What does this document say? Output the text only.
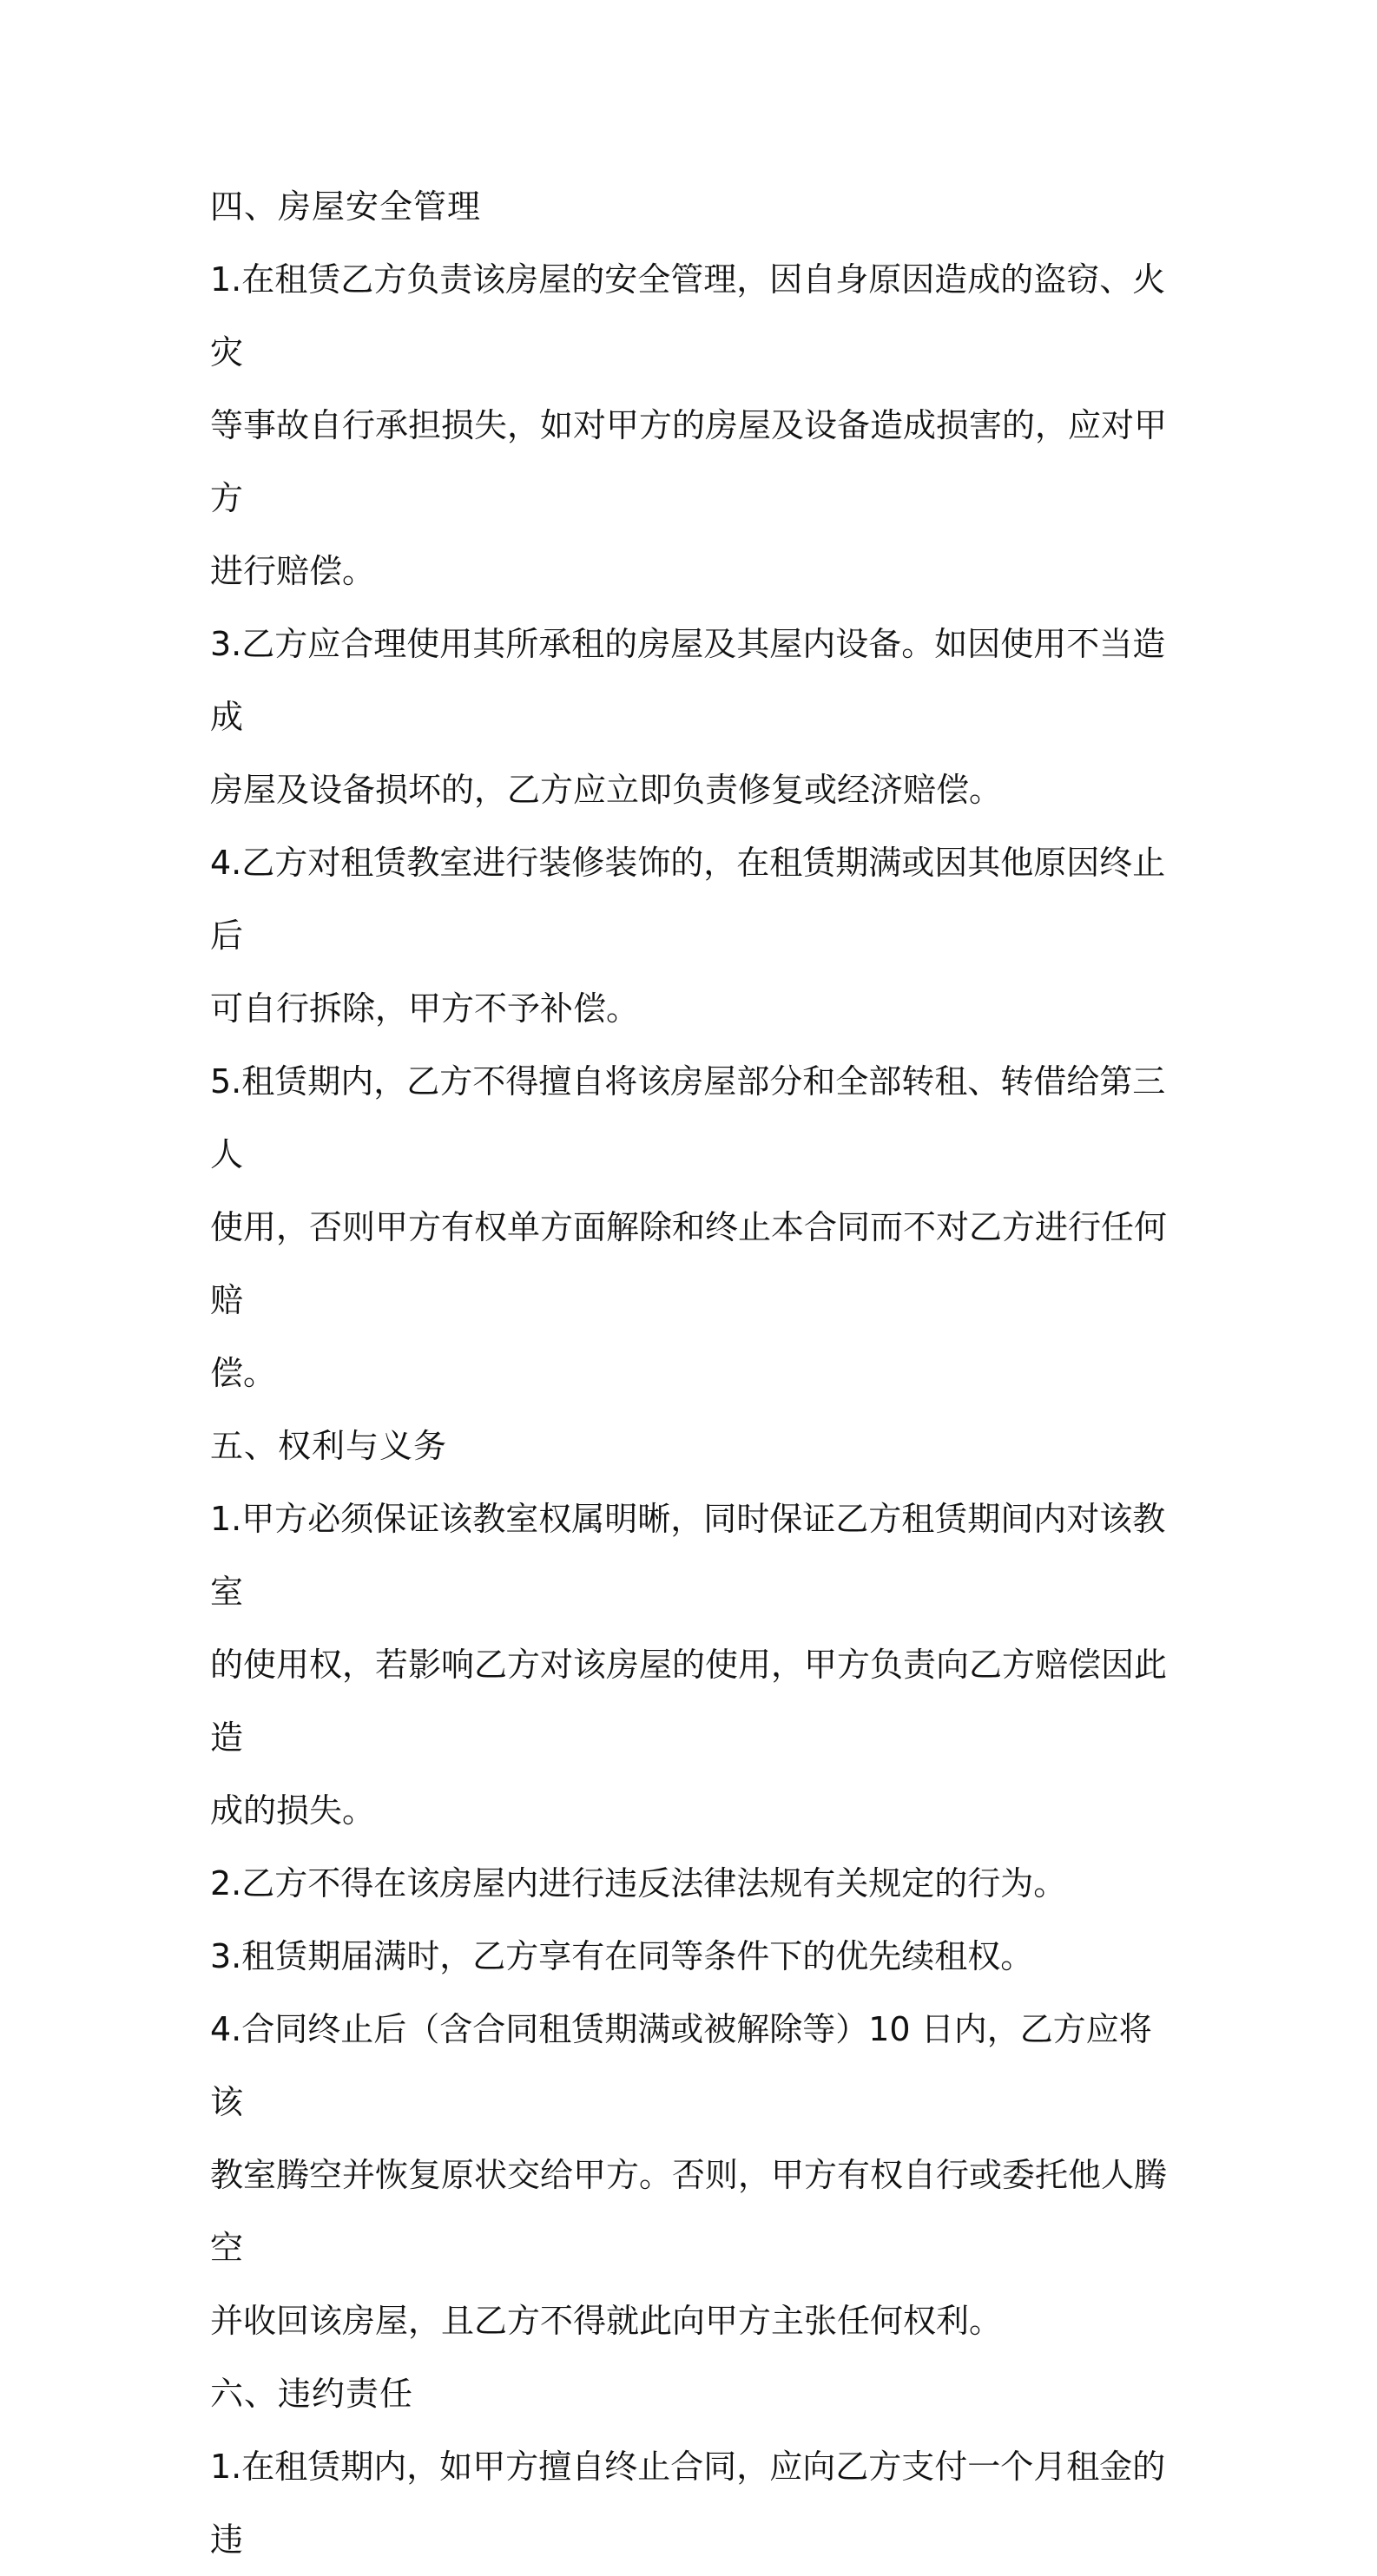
四、房屋安全管理

1.在租赁乙方负责该房屋的安全管理，因自身原因造成的盗窃、火灾

等事故自行承担损失，如对甲方的房屋及设备造成损害的，应对甲方

进行赔偿。

3.乙方应合理使用其所承租的房屋及其屋内设备。如因使用不当造成

房屋及设备损坏的，乙方应立即负责修复或经济赔偿。

4.乙方对租赁教室进行装修装饰的，在租赁期满或因其他原因终止后

可自行拆除，甲方不予补偿。

5.租赁期内，乙方不得擅自将该房屋部分和全部转租、转借给第三人

使用，否则甲方有权单方面解除和终止本合同而不对乙方进行任何赔

偿。

五、权利与义务

1.甲方必须保证该教室权属明晰，同时保证乙方租赁期间内对该教室

的使用权，若影响乙方对该房屋的使用，甲方负责向乙方赔偿因此造

成的损失。

2.乙方不得在该房屋内进行违反法律法规有关规定的行为。

3.租赁期届满时，乙方享有在同等条件下的优先续租权。

4.合同终止后（含合同租赁期满或被解除等）10 日内，乙方应将该

教室腾空并恢复原状交给甲方。否则，甲方有权自行或委托他人腾空

并收回该房屋，且乙方不得就此向甲方主张任何权利。

六、违约责任

1.在租赁期内，如甲方擅自终止合同，应向乙方支付一个月租金的违
